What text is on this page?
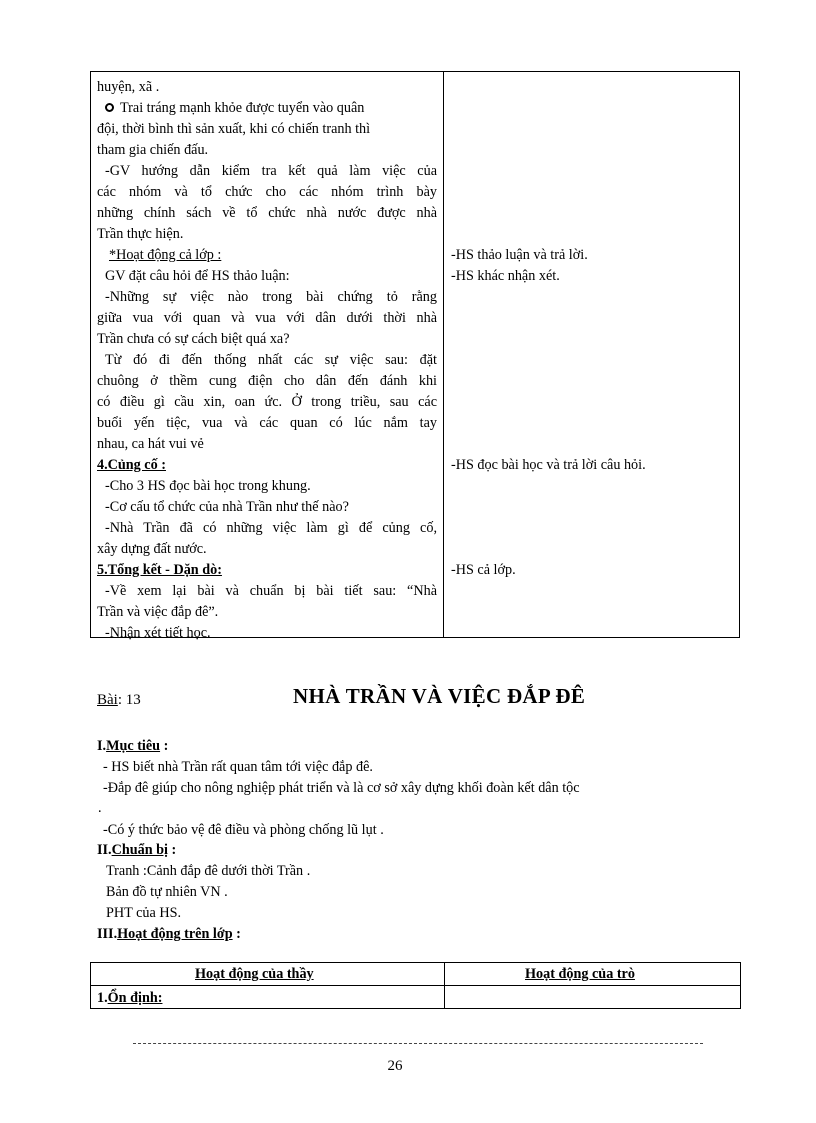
huyện, xã .
Trai tráng mạnh khỏe được tuyển vào quân
đội, thời bình thì sản xuất, khi có chiến tranh thì
tham gia chiến đấu.
-GV hướng dẫn kiểm tra kết quả làm việc của
các nhóm và tổ chức cho các nhóm trình bày
những chính sách về tổ chức nhà nước được nhà
Trần thực hiện.
*Hoạt động cả lớp :
GV đặt câu hỏi để HS thảo luận:
-Những sự việc nào trong bài chứng tỏ rằng
giữa vua với quan và vua với dân dưới thời nhà
Trần chưa có sự cách biệt quá xa?
Từ đó đi đến thống nhất các sự việc sau: đặt
chuông ở thềm cung điện cho dân đến đánh khi
có điều gì cầu xin, oan ức. Ở trong triều, sau các
buổi yến tiệc, vua và các quan có lúc nắm tay
nhau, ca hát vui vẻ
4.Củng cố :
-Cho 3 HS đọc bài học trong khung.
-Cơ cấu tổ chức của nhà Trần như thế nào?
-Nhà Trần đã có những việc làm gì để củng cố,
xây dựng đất nước.
5.Tổng kết - Dặn dò:
-Về xem lại bài và chuẩn bị bài tiết sau: “Nhà
Trần và việc đắp đê”.
-Nhận xét tiết học.
-HS thảo luận và trả lời.
-HS khác nhận xét.
-HS đọc bài học và trả lời câu hỏi.
-HS cả lớp.
Bài: 13	NHÀ TRẦN VÀ VIỆC ĐẮP ĐÊ
I.Mục tiêu :
- HS biết nhà Trần rất quan tâm tới việc đắp đê.
-Đắp đê giúp cho nông nghiệp phát triển và là cơ sở xây dựng khối đoàn kết dân tộc
.
-Có ý thức bảo vệ đê điều và phòng chống lũ lụt .
II.Chuẩn bị :
Tranh :Cảnh đắp đê dưới thời Trần .
Bản đồ tự nhiên VN .
PHT của HS.
III.Hoạt động trên lớp :
Hoạt động của thầy	Hoạt động của trò
1.Ổn định:
26
